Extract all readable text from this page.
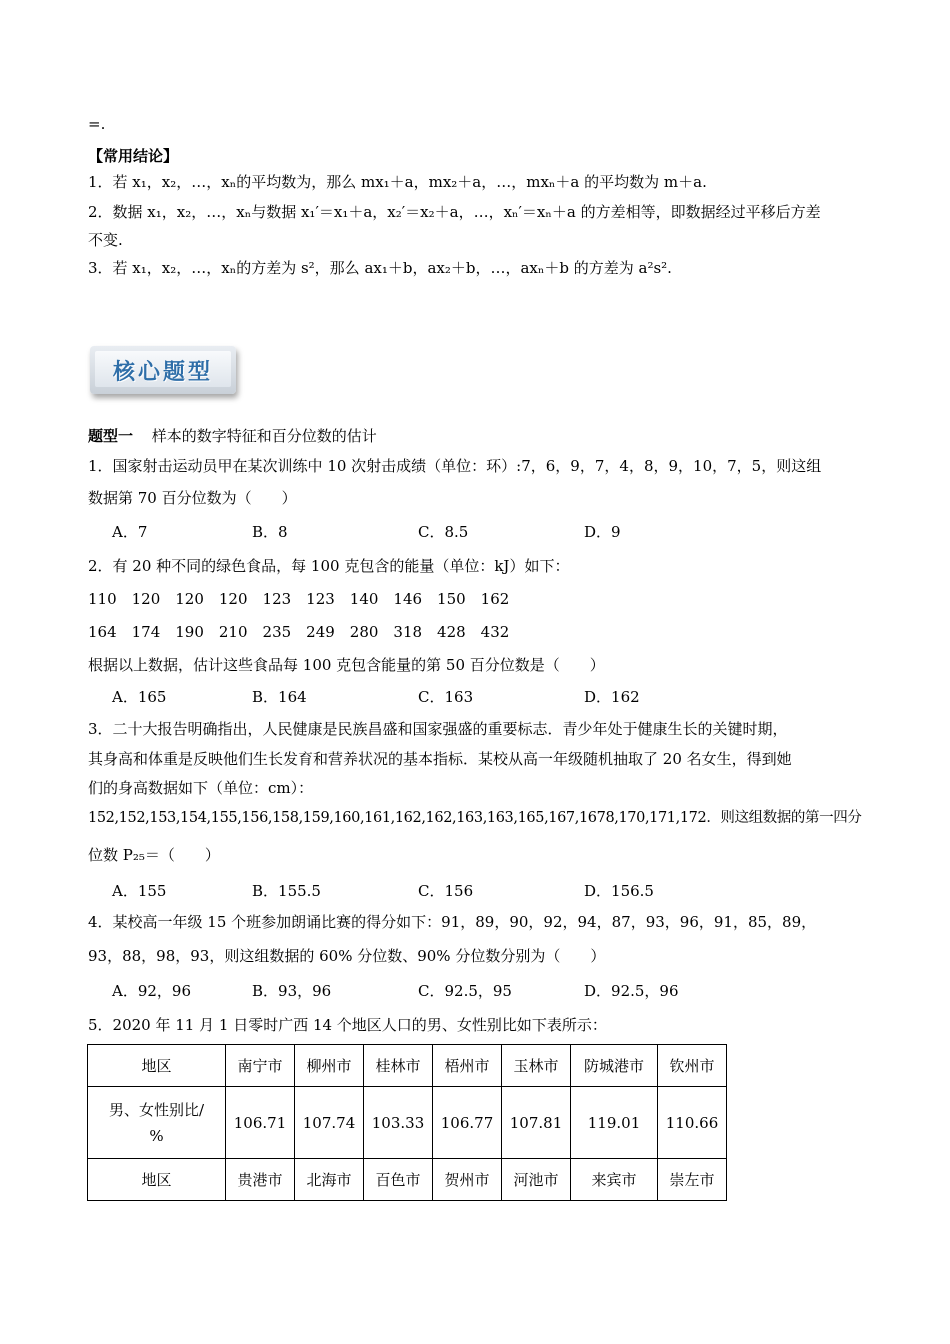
=.
【常用结论】
1．若 x₁，x₂，…，xₙ的平均数为，那么 mx₁＋a，mx₂＋a，…，mxₙ＋a 的平均数为 m＋a.
2．数据 x₁，x₂，…，xₙ与数据 x₁′＝x₁＋a，x₂′＝x₂＋a，…，xₙ′＝xₙ＋a 的方差相等，即数据经过平移后方差
不变.
3．若 x₁，x₂，…，xₙ的方差为 s²，那么 ax₁＋b，ax₂＋b，…，axₙ＋b 的方差为 a²s².
核心题型
题型一 样本的数字特征和百分位数的估计
1．国家射击运动员甲在某次训练中 10 次射击成绩（单位：环）:7，6，9，7，4，8，9，10，7，5，则这组
数据第 70 百分位数为（　　）
A．7	B．8	C．8.5	D．9
2．有 20 种不同的绿色食品，每 100 克包含的能量（单位：kJ）如下：
110　120　120　120　123　123　140　146　150　162
164　174　190　210　235　249　280　318　428　432
根据以上数据，估计这些食品每 100 克包含能量的第 50 百分位数是（　　）
A．165	B．164	C．163	D．162
3．二十大报告明确指出，人民健康是民族昌盛和国家强盛的重要标志．青少年处于健康生长的关键时期，
其身高和体重是反映他们生长发育和营养状况的基本指标．某校从高一年级随机抽取了 20 名女生，得到她
们的身高数据如下（单位：cm）：
152,152,153,154,155,156,158,159,160,161,162,162,163,163,165,167,1678,170,171,172．则这组数据的第一四分
位数 P₂₅＝（　　）
A．155	B．155.5	C．156	D．156.5
4．某校高一年级 15 个班参加朗诵比赛的得分如下：91，89，90，92，94，87，93，96，91，85，89，
93，88，98，93，则这组数据的 60% 分位数、90% 分位数分别为（　　）
A．92，96	B．93，96	C．92.5，95	D．92.5，96
5．2020 年 11 月 1 日零时广西 14 个地区人口的男、女性别比如下表所示：
地区	南宁市	柳州市	桂林市	梧州市	玉林市	防城港市	钦州市

男、女性别比/
%	106.71	107.74	103.33	106.77	107.81	119.01	110.66
地区	贵港市	北海市	百色市	贺州市	河池市	来宾市	崇左市
